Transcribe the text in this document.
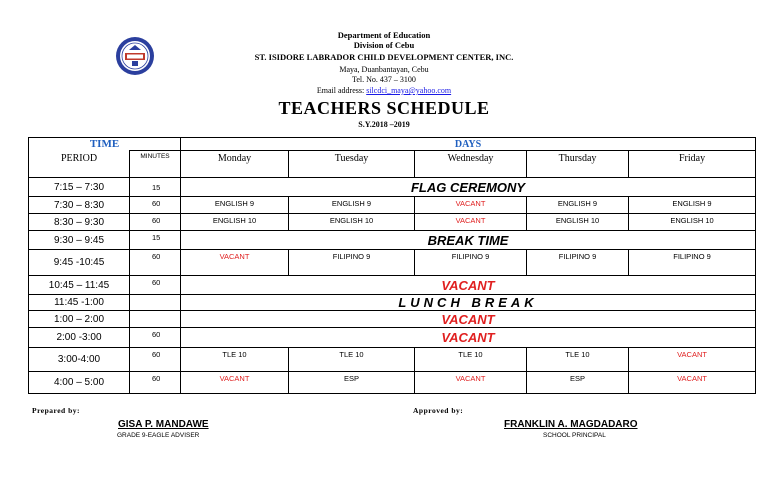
Department of Education
Division of Cebu
ST. ISIDORE LABRADOR CHILD DEVELOPMENT CENTER, INC.
Maya, Duanbantayan, Cebu
Tel. No. 437 – 3100
Email address: silcdci_maya@yahoo.com
TEACHERS SCHEDULE
S.Y.2018 –2019
TIME		DAYS				
PERIOD	MINUTES	Monday	Tuesday	Wednesday	Thursday	Friday
7:15 – 7:30	15	FLAG CEREMONY				
7:30 – 8:30	60	ENGLISH 9	ENGLISH 9	VACANT	ENGLISH 9	ENGLISH 9
8:30 – 9:30	60	ENGLISH 10	ENGLISH 10	VACANT	ENGLISH 10	ENGLISH 10
9:30 – 9:45	15	BREAK TIME				
9:45 -10:45	60	VACANT	FILIPINO 9	FILIPINO 9	FILIPINO 9	FILIPINO 9
10:45 – 11:45	60	VACANT				
11:45 -1:00		LUNCH BREAK				
1:00 – 2:00		VACANT				
2:00 -3:00	60	VACANT				
3:00-4:00	60	TLE 10	TLE 10	TLE 10	TLE 10	VACANT
4:00 – 5:00	60	VACANT	ESP	VACANT	ESP	VACANT
Prepared by:	Approved by:
GISA P. MANDAWE
GRADE 9-EAGLE ADVISER
FRANKLIN A. MAGDADARO
SCHOOL PRINCIPAL
